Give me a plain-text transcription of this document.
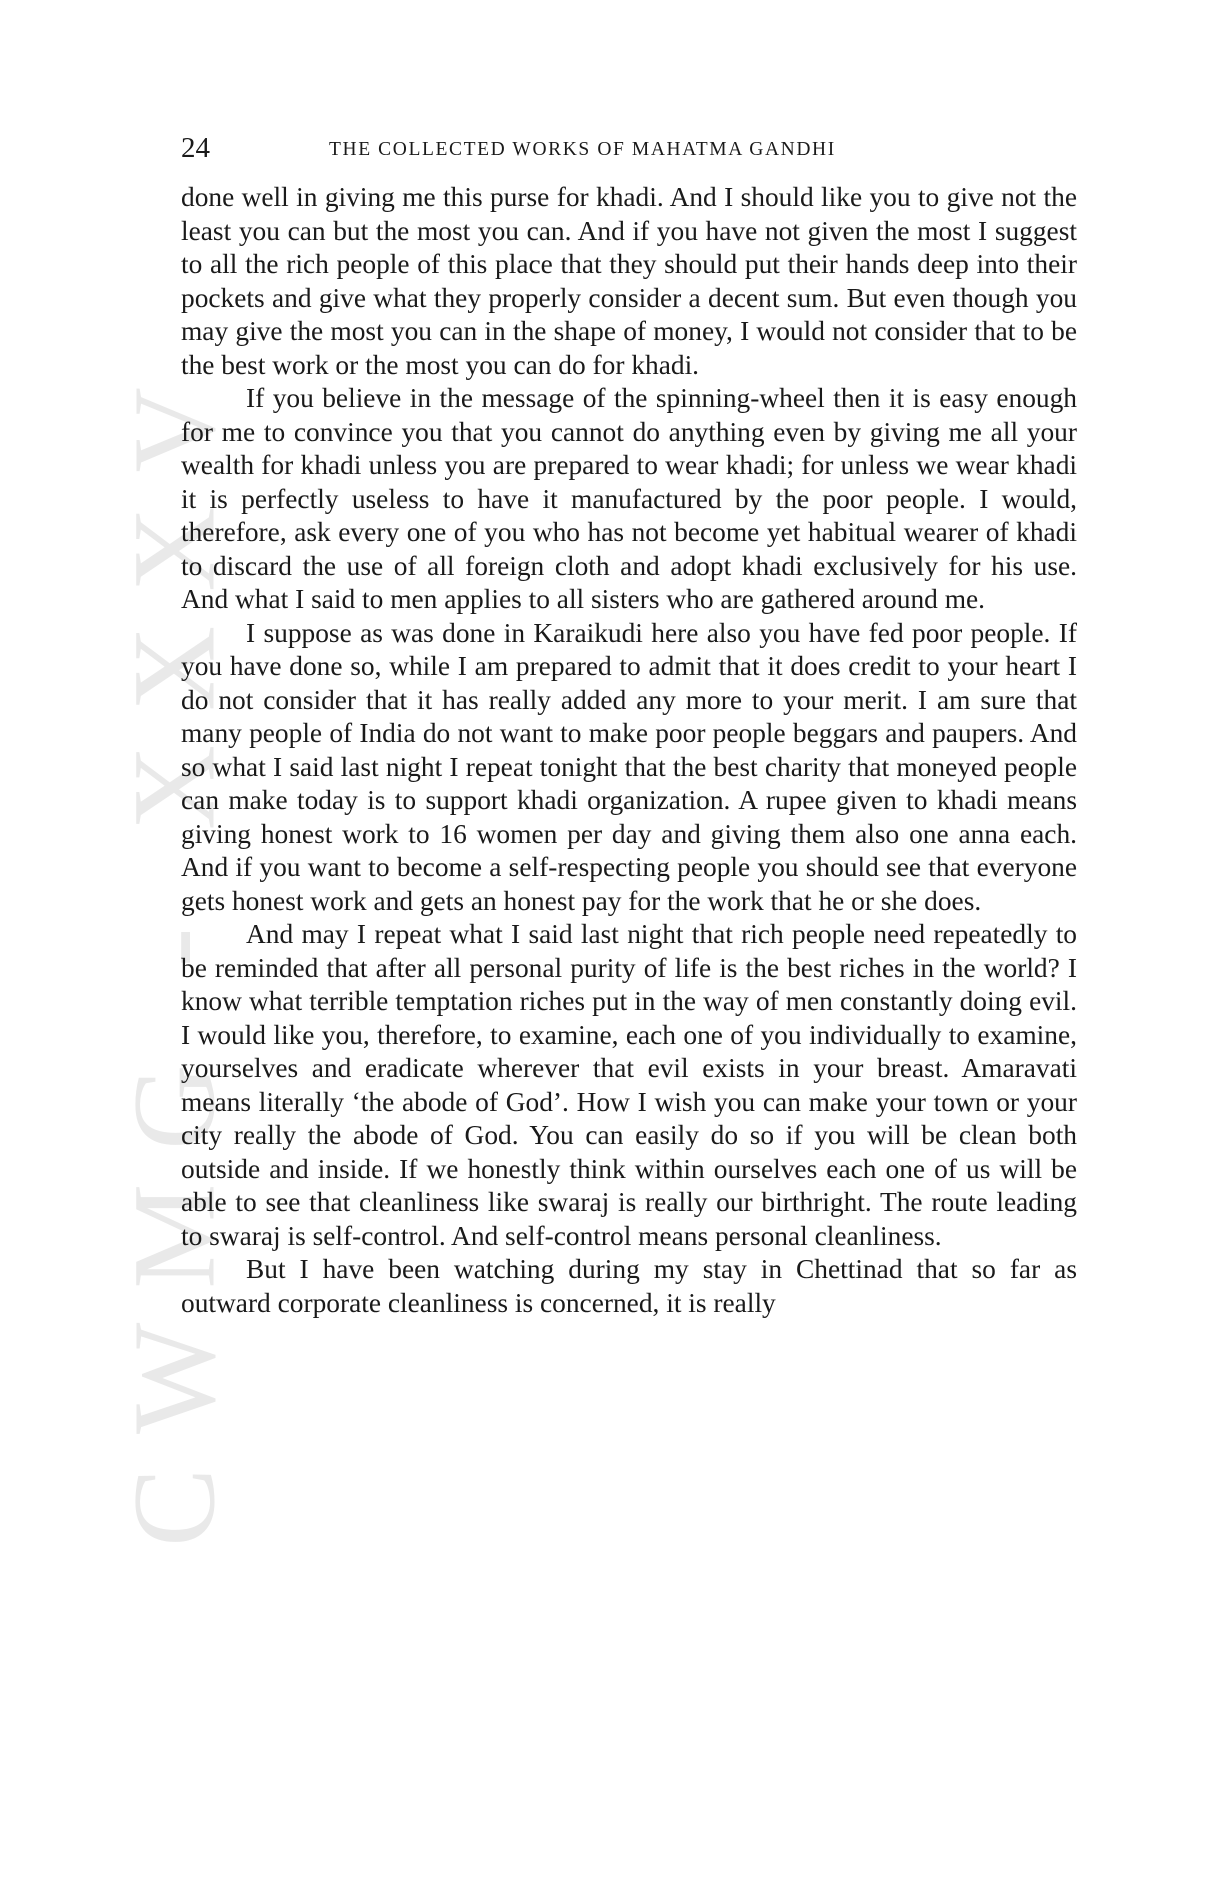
CWMG - XXXV
24	THE COLLECTED WORKS OF MAHATMA GANDHI

done well in giving me this purse for khadi. And I should like you to give not the least you can but the most you can. And if you have not given the most I suggest to all the rich people of this place that they should put their hands deep into their pockets and give what they properly consider a decent sum. But even though you may give the most you can in the shape of money, I would not consider that to be the best work or the most you can do for khadi.

If you believe in the message of the spinning-wheel then it is easy enough for me to convince you that you cannot do anything even by giving me all your wealth for khadi unless you are prepared to wear khadi; for unless we wear khadi it is perfectly useless to have it manufactured by the poor people. I would, therefore, ask every one of you who has not become yet habitual wearer of khadi to discard the use of all foreign cloth and adopt khadi exclusively for his use. And what I said to men applies to all sisters who are gathered around me.

I suppose as was done in Karaikudi here also you have fed poor people. If you have done so, while I am prepared to admit that it does credit to your heart I do not consider that it has really added any more to your merit. I am sure that many people of India do not want to make poor people beggars and paupers. And so what I said last night I repeat tonight that the best charity that moneyed people can make today is to support khadi organization. A rupee given to khadi means giving honest work to 16 women per day and giving them also one anna each. And if you want to become a self-respecting people you should see that everyone gets honest work and gets an honest pay for the work that he or she does.

And may I repeat what I said last night that rich people need repeatedly to be reminded that after all personal purity of life is the best riches in the world? I know what terrible temptation riches put in the way of men constantly doing evil. I would like you, therefore, to examine, each one of you individually to examine, yourselves and eradicate wherever that evil exists in your breast. Amaravati means literally ‘the abode of God’. How I wish you can make your town or your city really the abode of God. You can easily do so if you will be clean both outside and inside. If we honestly think within ourselves each one of us will be able to see that cleanliness like swaraj is really our birthright. The route leading to swaraj is self-control. And self-control means personal cleanliness.

But I have been watching during my stay in Chettinad that so far as outward corporate cleanliness is concerned, it is really
